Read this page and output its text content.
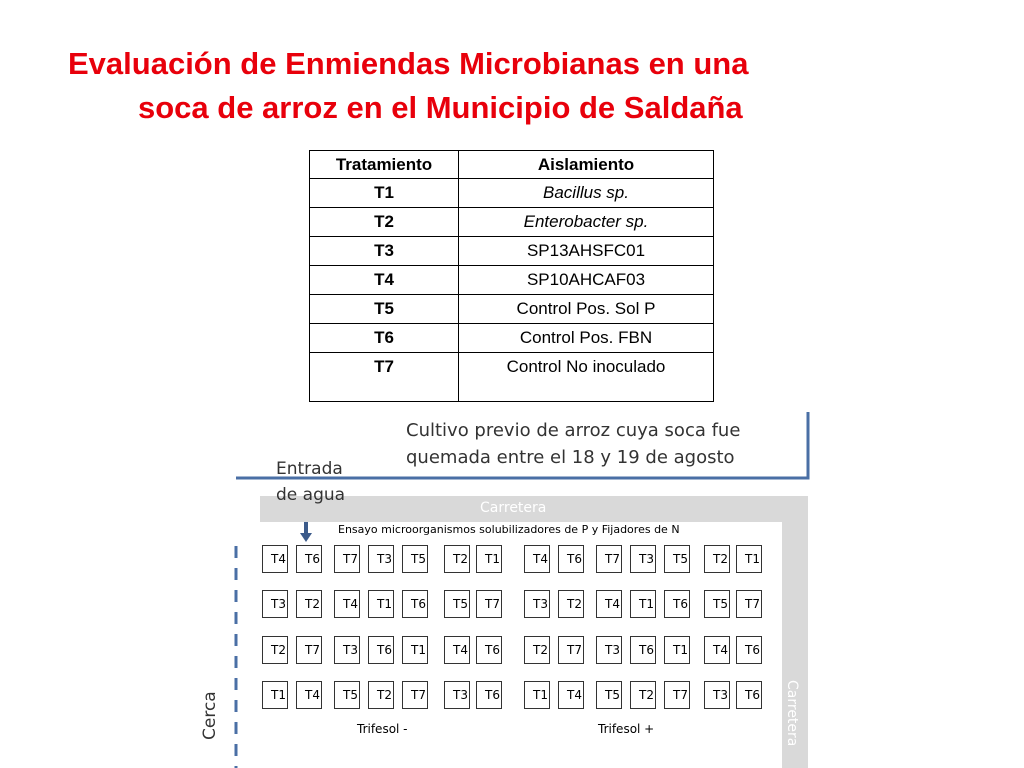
Evaluación de Enmiendas Microbianas en una
soca de arroz en el Municipio de Saldaña
Tratamiento	Aislamiento
T1	Bacillus sp.
T2	Enterobacter sp.
T3	SP13AHSFC01
T4	SP10AHCAF03
T5	Control Pos. Sol P
T6	Control Pos. FBN
T7	Control No inoculado
Carretera
Carretera
Cultivo previo de arroz cuya soca fue
quemada entre el 18 y 19 de agosto
Entrada
de agua
Ensayo microorganismos solubilizadores de P y Fijadores de N
T4	T6	T7	T3	T5	T2	T1	T4	T6	T7	T3	T5	T2	T1
T3	T2	T4	T1	T6	T5	T7	T3	T2	T4	T1	T6	T5	T7
T2	T7	T3	T6	T1	T4	T6	T2	T7	T3	T6	T1	T4	T6
T1	T4	T5	T2	T7	T3	T6	T1	T4	T5	T2	T7	T3	T6
Trifesol -	Trifesol +
Cerca
